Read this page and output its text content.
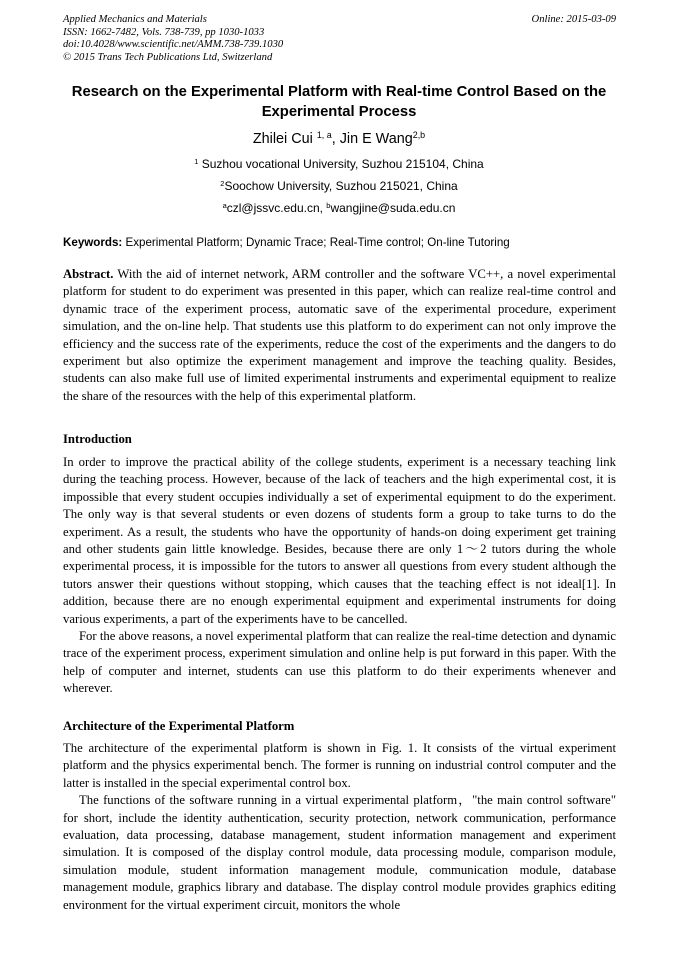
Applied Mechanics and Materials
ISSN: 1662-7482, Vols. 738-739, pp 1030-1033
doi:10.4028/www.scientific.net/AMM.738-739.1030
© 2015 Trans Tech Publications Ltd, Switzerland
Online: 2015-03-09
Research on the Experimental Platform with Real-time Control Based on the Experimental Process
Zhilei Cui $^{1, a}$, Jin E Wang$^{2,b}$
$^1$ Suzhou vocational University, Suzhou 215104, China
$^2$Soochow University, Suzhou 215021, China
$^a$czl@jssvc.edu.cn, $^b$wangjine@suda.edu.cn
Keywords: Experimental Platform; Dynamic Trace; Real-Time control; On-line Tutoring

Abstract. With the aid of internet network, ARM controller and the software VC++, a novel experimental platform for student to do experiment was presented in this paper, which can realize real-time control and dynamic trace of the experiment process, automatic save of the experimental procedure, experiment simulation, and the on-line help. That students use this platform to do experiment can not only improve the efficiency and the success rate of the experiments, reduce the cost of the experiments and the dangers to do experiment but also optimize the experiment management and improve the teaching quality. Besides, students can also make full use of limited experimental instruments and experimental equipment to realize the share of the resources with the help of this experimental platform.

Introduction

In order to improve the practical ability of the college students, experiment is a necessary teaching link during the teaching process. However, because of the lack of teachers and the high experimental cost, it is impossible that every student occupies individually a set of experimental equipment to do the experiment. The only way is that several students or even dozens of students form a group to take turns to do the experiment. As a result, the students who have the opportunity of hands-on doing experiment get training and other students gain little knowledge. Besides, because there are only 1～2 tutors during the whole experimental process, it is impossible for the tutors to answer all questions from every student although the tutors answer their questions without stopping, which causes that the teaching effect is not ideal[1]. In addition, because there are no enough experimental equipment and experimental instruments for doing various experiments, a part of the experiments have to be cancelled.

For the above reasons, a novel experimental platform that can realize the real-time detection and dynamic trace of the experiment process, experiment simulation and online help is put forward in this paper. With the help of computer and internet, students can use this platform to do their experiments whenever and wherever.

Architecture of the Experimental Platform

The architecture of the experimental platform is shown in Fig. 1. It consists of the virtual experiment platform and the physics experimental bench. The former is running on industrial control computer and the latter is installed in the special experimental control box.

The functions of the software running in a virtual experimental platform，"the main control software" for short, include the identity authentication, security protection, network communication, performance evaluation, data processing, database management, student information management and experiment simulation. It is composed of the display control module, data processing module, comparison module, simulation module, student information management module, communication module, database management module, graphics library and database. The display control module provides graphics editing environment for the virtual experiment circuit, monitors the whole
